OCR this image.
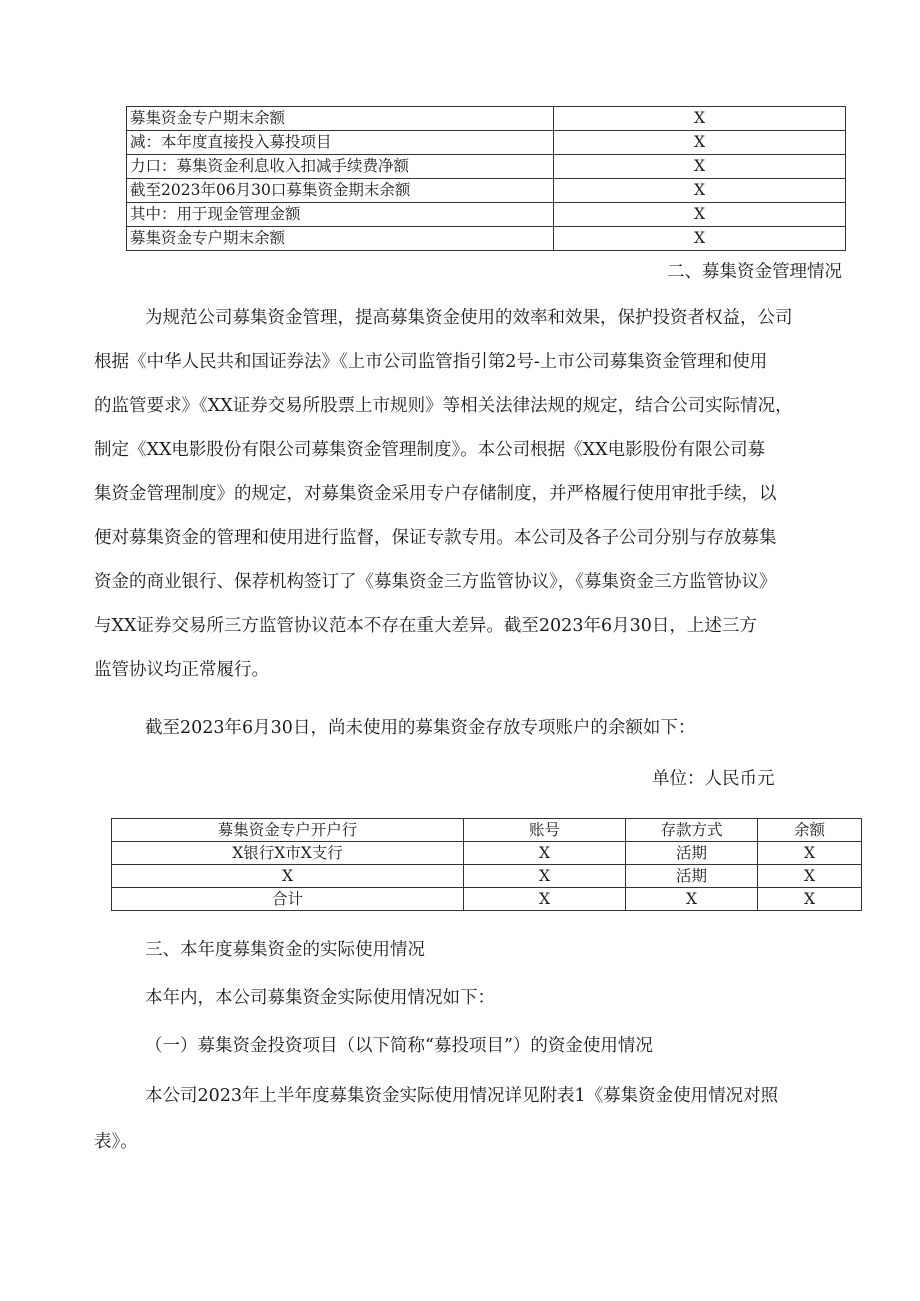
募集资金专户期末余额	X
减：本年度直接投入募投项目	X
力口：募集资金利息收入扣减手续费净额	X
截至2023年06月30口募集资金期末余额	X
其中：用于现金管理金额	X
募集资金专户期末余额	X
二、募集资金管理情况
为规范公司募集资金管理，提高募集资金使用的效率和效果，保护投资者权益，公司
根据《中华人民共和国证券法》《上市公司监管指引第2号-上市公司募集资金管理和使用
的监管要求》《XX证券交易所股票上市规则》等相关法律法规的规定，结合公司实际情况，
制定《XX电影股份有限公司募集资金管理制度》。本公司根据《XX电影股份有限公司募
集资金管理制度》的规定，对募集资金采用专户存储制度，并严格履行使用审批手续，以
便对募集资金的管理和使用进行监督，保证专款专用。本公司及各子公司分别与存放募集
资金的商业银行、保荐机构签订了《募集资金三方监管协议》，《募集资金三方监管协议》
与XX证券交易所三方监管协议范本不存在重大差异。截至2023年6月30日，上述三方
监管协议均正常履行。
截至2023年6月30日，尚未使用的募集资金存放专项账户的余额如下：
单位：人民币元
募集资金专户开户行	账号	存款方式	余额
X银行X市X支行	X	活期	X
X	X	活期	X
合计	X	X	X
三、本年度募集资金的实际使用情况
本年内，本公司募集资金实际使用情况如下：
（一）募集资金投资项目（以下简称“募投项目”）的资金使用情况
本公司2023年上半年度募集资金实际使用情况详见附表1《募集资金使用情况对照
表》。
